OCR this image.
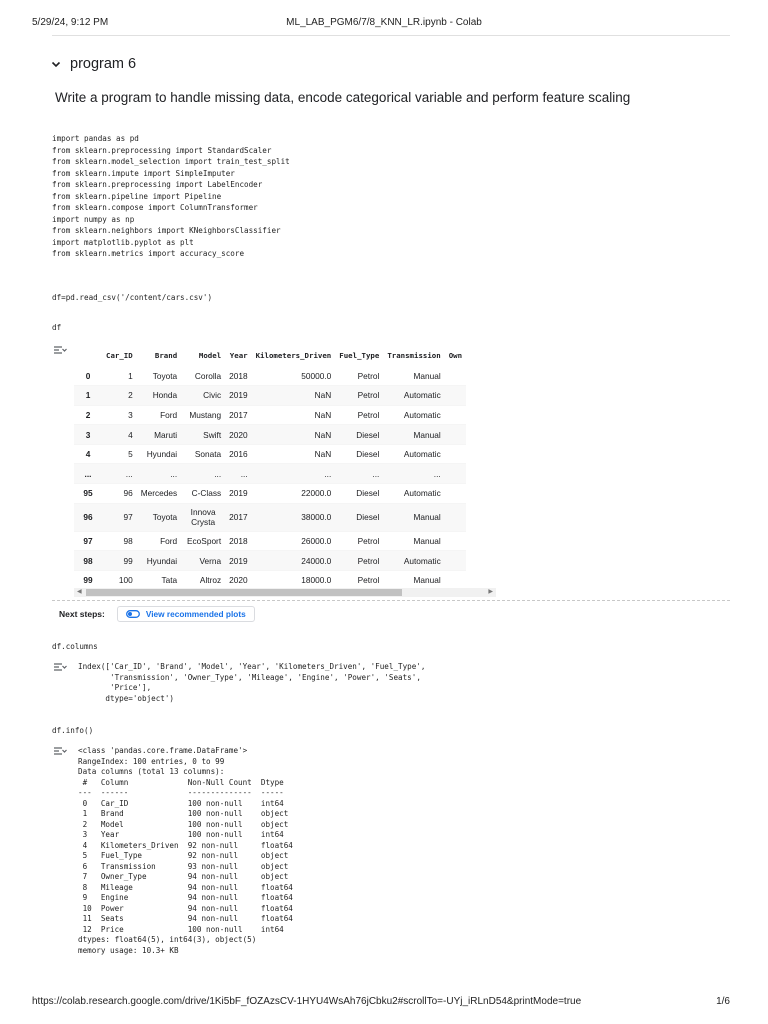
5/29/24, 9:12 PM	ML_LAB_PGM6/7/8_KNN_LR.ipynb - Colab
program 6
Write a program to handle missing data, encode categorical variable and perform feature scaling
import pandas as pd
from sklearn.preprocessing import StandardScaler
from sklearn.model_selection import train_test_split
from sklearn.impute import SimpleImputer
from sklearn.preprocessing import LabelEncoder
from sklearn.pipeline import Pipeline
from sklearn.compose import ColumnTransformer
import numpy as np
from sklearn.neighbors import KNeighborsClassifier
import matplotlib.pyplot as plt
from sklearn.metrics import accuracy_score
df=pd.read_csv('/content/cars.csv')
df
	Car_ID	Brand	Model	Year	Kilometers_Driven	Fuel_Type	Transmission	Own
0	1	Toyota	Corolla	2018	50000.0	Petrol	Manual	
1	2	Honda	Civic	2019	NaN	Petrol	Automatic	
2	3	Ford	Mustang	2017	NaN	Petrol	Automatic	
3	4	Maruti	Swift	2020	NaN	Diesel	Manual	
4	5	Hyundai	Sonata	2016	NaN	Diesel	Automatic	
...	...	...	...	...	...	...	...	
95	96	Mercedes	C-Class	2019	22000.0	Diesel	Automatic	
96	97	Toyota	Innova Crysta	2017	38000.0	Diesel	Manual	
97	98	Ford	EcoSport	2018	26000.0	Petrol	Manual	
98	99	Hyundai	Verna	2019	24000.0	Petrol	Automatic	
99	100	Tata	Altroz	2020	18000.0	Petrol	Manual	
◀	▶
Next steps:	View recommended plots
df.columns
Index(['Car_ID', 'Brand', 'Model', 'Year', 'Kilometers_Driven', 'Fuel_Type',
'Transmission', 'Owner_Type', 'Mileage', 'Engine', 'Power', 'Seats',
'Price'],
dtype='object')
df.info()
<class 'pandas.core.frame.DataFrame'>
RangeIndex: 100 entries, 0 to 99
Data columns (total 13 columns):
#   Column             Non-Null Count  Dtype
---  ------             --------------  -----
0   Car_ID             100 non-null    int64
1   Brand              100 non-null    object
2   Model              100 non-null    object
3   Year               100 non-null    int64
4   Kilometers_Driven  92 non-null     float64
5   Fuel_Type          92 non-null     object
6   Transmission       93 non-null     object
7   Owner_Type         94 non-null     object
8   Mileage            94 non-null     float64
9   Engine             94 non-null     float64
10  Power              94 non-null     float64
11  Seats              94 non-null     float64
12  Price              100 non-null    int64
dtypes: float64(5), int64(3), object(5)
memory usage: 10.3+ KB
https://colab.research.google.com/drive/1Ki5bF_fOZAzsCV-1HYU4WsAh76jCbku2#scrollTo=-UYj_iRLnD54&printMode=true	1/6
